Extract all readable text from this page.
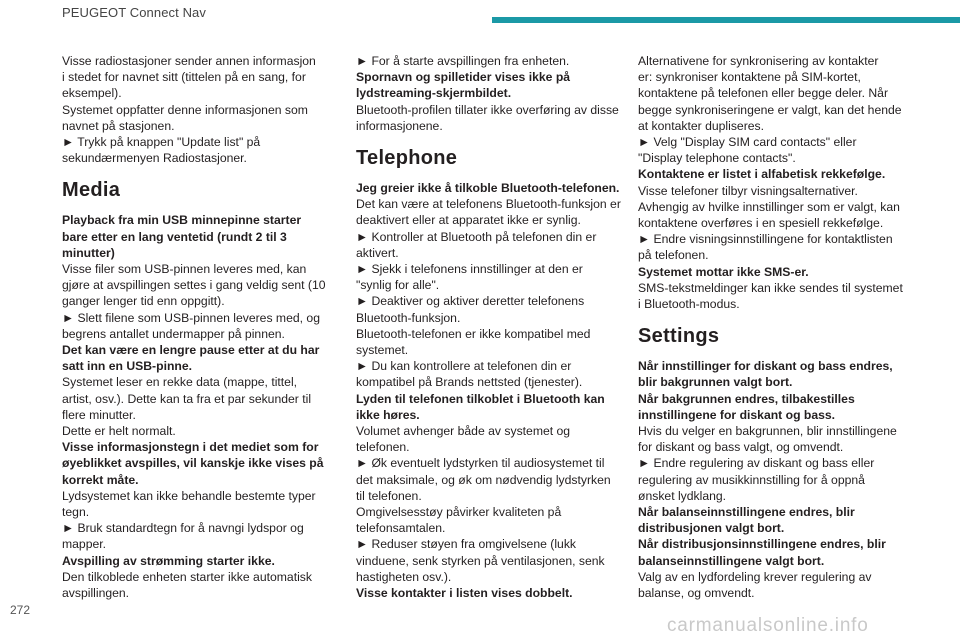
PEUGEOT Connect Nav
Visse radiostasjoner sender annen informasjon
i stedet for navnet sitt (tittelen på en sang, for
eksempel).
Systemet oppfatter denne informasjonen som
navnet på stasjonen.
► Trykk på knappen "Update list" på
sekundærmenyen Radiostasjoner.
Media
Playback fra min USB minnepinne starter
bare etter en lang ventetid (rundt 2 til 3
minutter)
Visse filer som USB-pinnen leveres med, kan
gjøre at avspillingen settes i gang veldig sent (10
ganger lenger tid enn oppgitt).
► Slett filene som USB-pinnen leveres med, og
begrens antallet undermapper på pinnen.
Det kan være en lengre pause etter at du har
satt inn en USB-pinne.
Systemet leser en rekke data (mappe, tittel,
artist, osv.). Dette kan ta fra et par sekunder til
flere minutter.
Dette er helt normalt.
Visse informasjonstegn i det mediet som for
øyeblikket avspilles, vil kanskje ikke vises på
korrekt måte.
Lydsystemet kan ikke behandle bestemte typer
tegn.
► Bruk standardtegn for å navngi lydspor og
mapper.
Avspilling av strømming starter ikke.
Den tilkoblede enheten starter ikke automatisk
avspillingen.
► For å starte avspillingen fra enheten.
Spornavn og spilletider vises ikke på
lydstreaming-skjermbildet.
Bluetooth-profilen tillater ikke overføring av disse
informasjonene.
Telephone
Jeg greier ikke å tilkoble Bluetooth-telefonen.
Det kan være at telefonens Bluetooth-funksjon er
deaktivert eller at apparatet ikke er synlig.
► Kontroller at Bluetooth på telefonen din er
aktivert.
► Sjekk i telefonens innstillinger at den er
"synlig for alle".
► Deaktiver og aktiver deretter telefonens
Bluetooth-funksjon.
Bluetooth-telefonen er ikke kompatibel med
systemet.
► Du kan kontrollere at telefonen din er
kompatibel på Brands nettsted (tjenester).
Lyden til telefonen tilkoblet i Bluetooth kan
ikke høres.
Volumet avhenger både av systemet og
telefonen.
► Øk eventuelt lydstyrken til audiosystemet til
det maksimale, og øk om nødvendig lydstyrken
til telefonen.
Omgivelsesstøy påvirker kvaliteten på
telefonsamtalen.
► Reduser støyen fra omgivelsene (lukk
vinduene, senk styrken på ventilasjonen, senk
hastigheten osv.).
Visse kontakter i listen vises dobbelt.
Alternativene for synkronisering av kontakter
er: synkroniser kontaktene på SIM-kortet,
kontaktene på telefonen eller begge deler. Når
begge synkroniseringene er valgt, kan det hende
at kontakter dupliseres.
► Velg "Display SIM card contacts" eller
"Display telephone contacts".
Kontaktene er listet i alfabetisk rekkefølge.
Visse telefoner tilbyr visningsalternativer.
Avhengig av hvilke innstillinger som er valgt, kan
kontaktene overføres i en spesiell rekkefølge.
► Endre visningsinnstillingene for kontaktlisten
på telefonen.
Systemet mottar ikke SMS-er.
SMS-tekstmeldinger kan ikke sendes til systemet
i Bluetooth-modus.
Settings
Når innstillinger for diskant og bass endres,
blir bakgrunnen valgt bort.
Når bakgrunnen endres, tilbakestilles
innstillingene for diskant og bass.
Hvis du velger en bakgrunnen, blir innstillingene
for diskant og bass valgt, og omvendt.
► Endre regulering av diskant og bass eller
regulering av musikkinnstilling for å oppnå
ønsket lydklang.
Når balanseinnstillingene endres, blir
distribusjonen valgt bort.
Når distribusjonsinnstillingene endres, blir
balanseinnstillingene valgt bort.
Valg av en lydfordeling krever regulering av
balanse, og omvendt.
272
carmanualsonline.info
